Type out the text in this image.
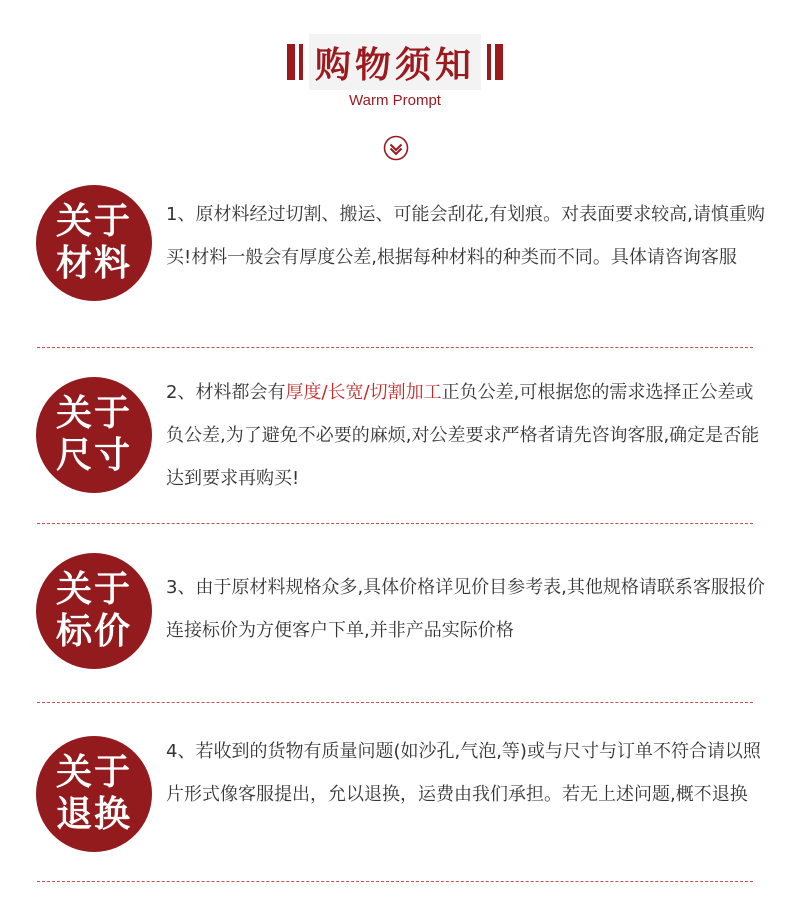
购物须知
Warm Prompt
关于
材料
1、原材料经过切割、搬运、可能会刮花,有划痕。对表面要求较高,请慎重购买!材料一般会有厚度公差,根据每种材料的种类而不同。具体请咨询客服
关于
尺寸
2、材料都会有厚度/长宽/切割加工正负公差,可根据您的需求选择正公差或负公差,为了避免不必要的麻烦,对公差要求严格者请先咨询客服,确定是否能达到要求再购买!
关于
标价
3、由于原材料规格众多,具体价格详见价目参考表,其他规格请联系客服报价连接标价为方便客户下单,并非产品实际价格
关于
退换
4、若收到的货物有质量问题(如沙孔,气泡,等)或与尺寸与订单不符合请以照片形式像客服提出，允以退换，运费由我们承担。若无上述问题,概不退换
